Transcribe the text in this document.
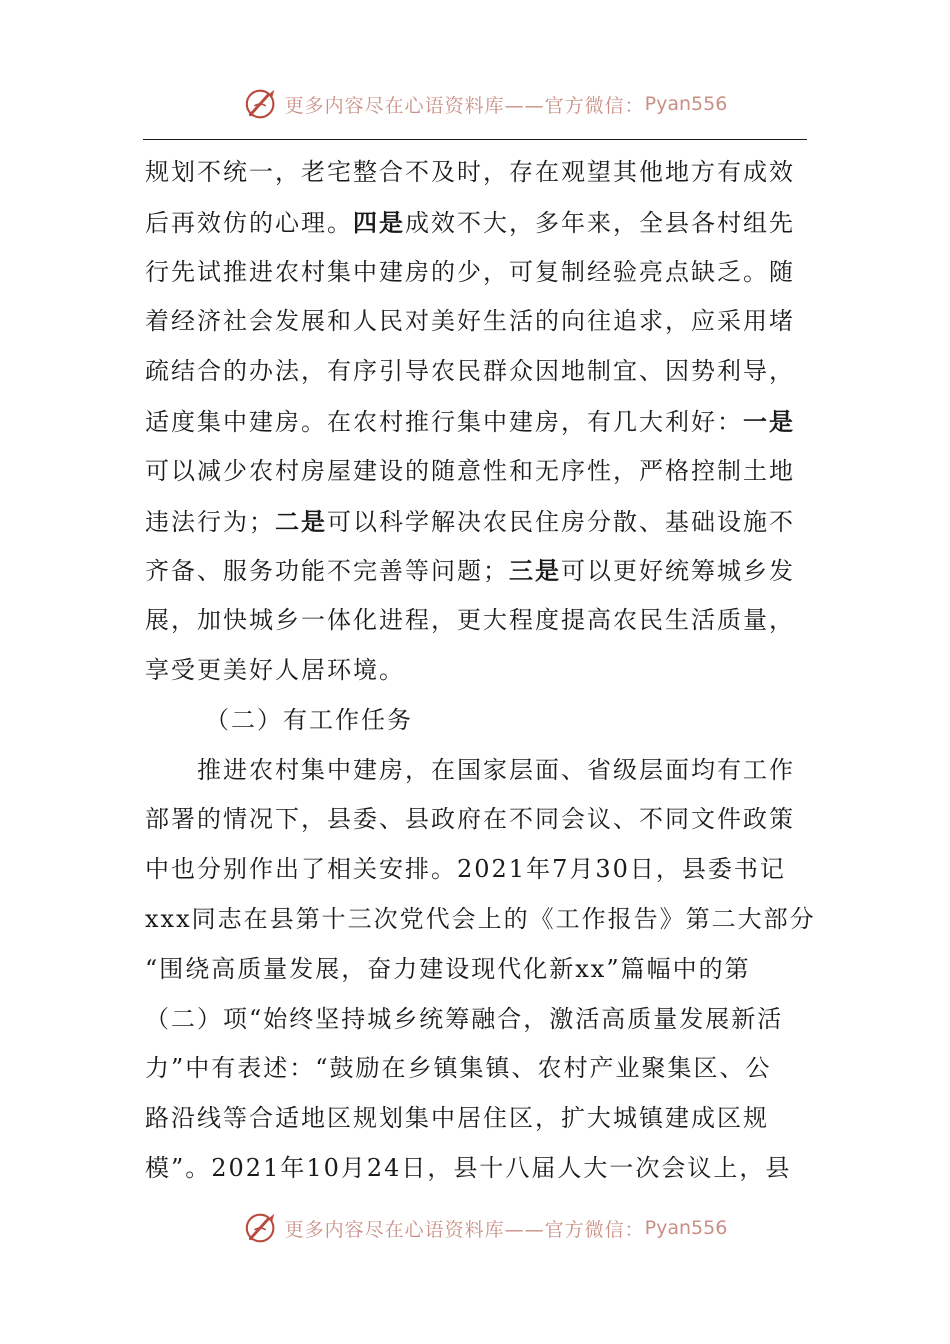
更多内容尽在心语资料库——官方微信： Pyan556
规划不统一，老宅整合不及时，存在观望其他地方有成效
后再效仿的心理。四是成效不大，多年来，全县各村组先
行先试推进农村集中建房的少，可复制经验亮点缺乏。随
着经济社会发展和人民对美好生活的向往追求，应采用堵
疏结合的办法，有序引导农民群众因地制宜、因势利导，
适度集中建房。在农村推行集中建房，有几大利好：一是
可以减少农村房屋建设的随意性和无序性，严格控制土地
违法行为；二是可以科学解决农民住房分散、基础设施不
齐备、服务功能不完善等问题；三是可以更好统筹城乡发
展，加快城乡一体化进程，更大程度提高农民生活质量，
享受更美好人居环境。
（二）有工作任务
推进农村集中建房，在国家层面、省级层面均有工作
部署的情况下，县委、县政府在不同会议、不同文件政策
中也分别作出了相关安排。2021年7月30日，县委书记
xxx同志在县第十三次党代会上的《工作报告》第二大部分
“围绕高质量发展，奋力建设现代化新xx”篇幅中的第
（二）项“始终坚持城乡统筹融合，激活高质量发展新活
力”中有表述：“鼓励在乡镇集镇、农村产业聚集区、公
路沿线等合适地区规划集中居住区，扩大城镇建成区规
模”。2021年10月24日，县十八届人大一次会议上，县
更多内容尽在心语资料库——官方微信： Pyan556
